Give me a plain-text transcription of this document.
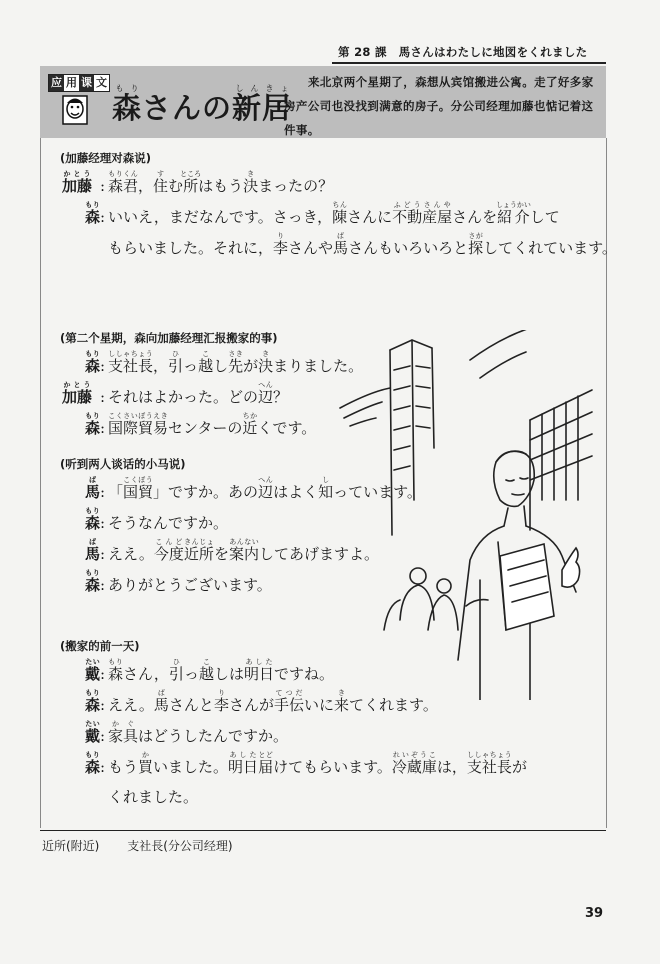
第 28 課　馬さんはわたしに地図をくれました
应 用 课 文
森もりさんの新しん居きょ	来北京两个星期了，森想从宾馆搬进公寓。走了好多家房产公司也没找到满意的房子。分公司经理加藤也惦记着这件事。

(加藤经理对森说)
加藤かとう
: 森君もりくん，住すむ所ところはもう決きまったの？
森もり
: いいえ，まだなんです。さっき，陳ちんさんに不動産屋ふどうさんやさんを紹介しょうかいして
もらいました。それに，李りさんや馬ばさんもいろいろと探さがしてくれています。
(第二个星期，森向加藤经理汇报搬家的事)
森もり
: 支社長ししゃちょう，引ひっ越こし先さきが決きまりました。
加藤かとう
: それはよかった。どの辺へん？
森もり
: 国際貿易こくさいぼうえきセンターの近ちかくです。
(听到两人谈话的小马说)
馬ば
: 「国貿こくぼう」ですか。あの辺へんはよく知しっています。
森もり
: そうなんですか。
馬ば
: ええ。今度こんど近所きんじょを案内あんないしてあげますよ。
森もり
: ありがとうございます。
(搬家的前一天)
戴たい
: 森もりさん，引ひっ越こしは明日あしたですね。
森もり
: ええ。馬ばさんと李りさんが手伝てつだいに来きてくれます。
戴たい
: 家具かぐはどうしたんですか。
森もり
: もう買かいました。明日あした届とどけてもらいます。冷蔵庫れいぞうこは，支社長ししゃちょうが
くれました。
近所(附近) 支社長(分公司经理)
39
